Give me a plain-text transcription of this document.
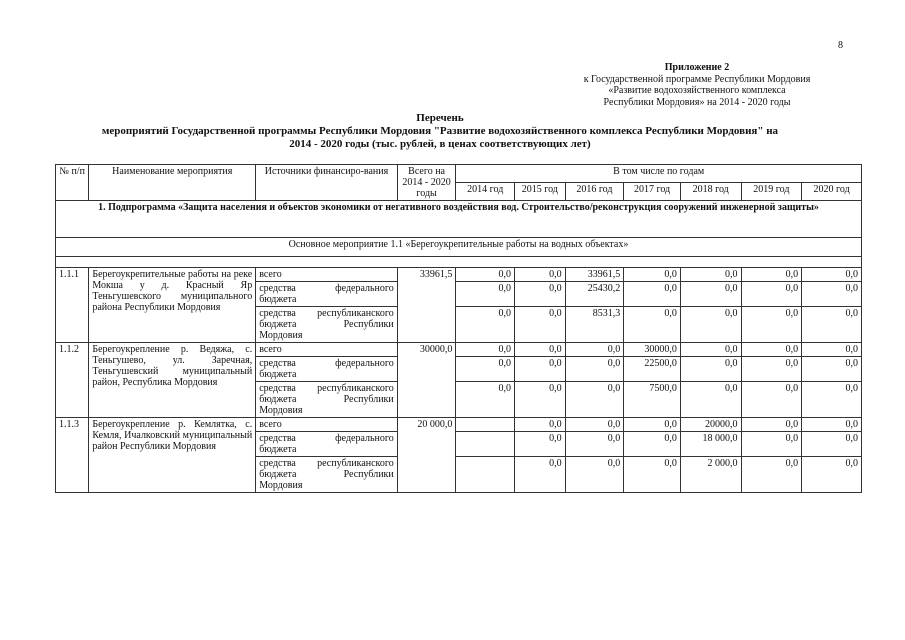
8
Приложение 2
к Государственной программе Республики Мордовия
«Развитие водохозяйственного комплекса
Республики Мордовия» на 2014 - 2020 годы
Перечень
мероприятий Государственной программы Республики Мордовия "Развитие водохозяйственного комплекса Республики Мордовия" на
2014 - 2020 годы (тыс. рублей, в ценах соответствующих лет)
№ п/п	Наименование мероприятия	Источники финансиро-вания	Всего на 2014 - 2020 годы	В том числе по годам						
				2014 год	2015 год	2016 год	2017 год	2018 год	2019 год	2020 год
1. Подпрограмма «Защита населения и объектов экономики от негативного воздействия вод. Строительство/реконструкция сооружений инженерной защиты»										
Основное мероприятие 1.1 «Берегоукрепительные работы на водных объектах»										

1.1.1	Берегоукрепительные работы на реке Мокша у д. Красный Яр Теньгушевского муниципального района Республики Мордовия	всего	33961,5	0,0	0,0	33961,5	0,0	0,0	0,0	0,0
		средства федерального бюджета		0,0	0,0	25430,2	0,0	0,0	0,0	0,0
		средства республиканского бюджета Республики Мордовия		0,0	0,0	8531,3	0,0	0,0	0,0	0,0
1.1.2	Берегоукрепление р. Ведяжа, с. Теньгушево, ул. Заречная, Теньгушевский муниципальный район, Республика Мордовия	всего	30000,0	0,0	0,0	0,0	30000,0	0,0	0,0	0,0
		средства федерального бюджета		0,0	0,0	0,0	22500,0	0,0	0,0	0,0
		средства республиканского бюджета Республики Мордовия		0,0	0,0	0,0	7500,0	0,0	0,0	0,0
1.1.3	Берегоукрепление р. Кемлятка, с. Кемля, Ичалковский муниципальный район Республики Мордовия	всего	20 000,0		0,0	0,0	0,0	20000,0	0,0	0,0
		средства федерального бюджета			0,0	0,0	0,0	18 000,0	0,0	0,0
		средства республиканского бюджета Республики Мордовия			0,0	0,0	0,0	2 000,0	0,0	0,0
